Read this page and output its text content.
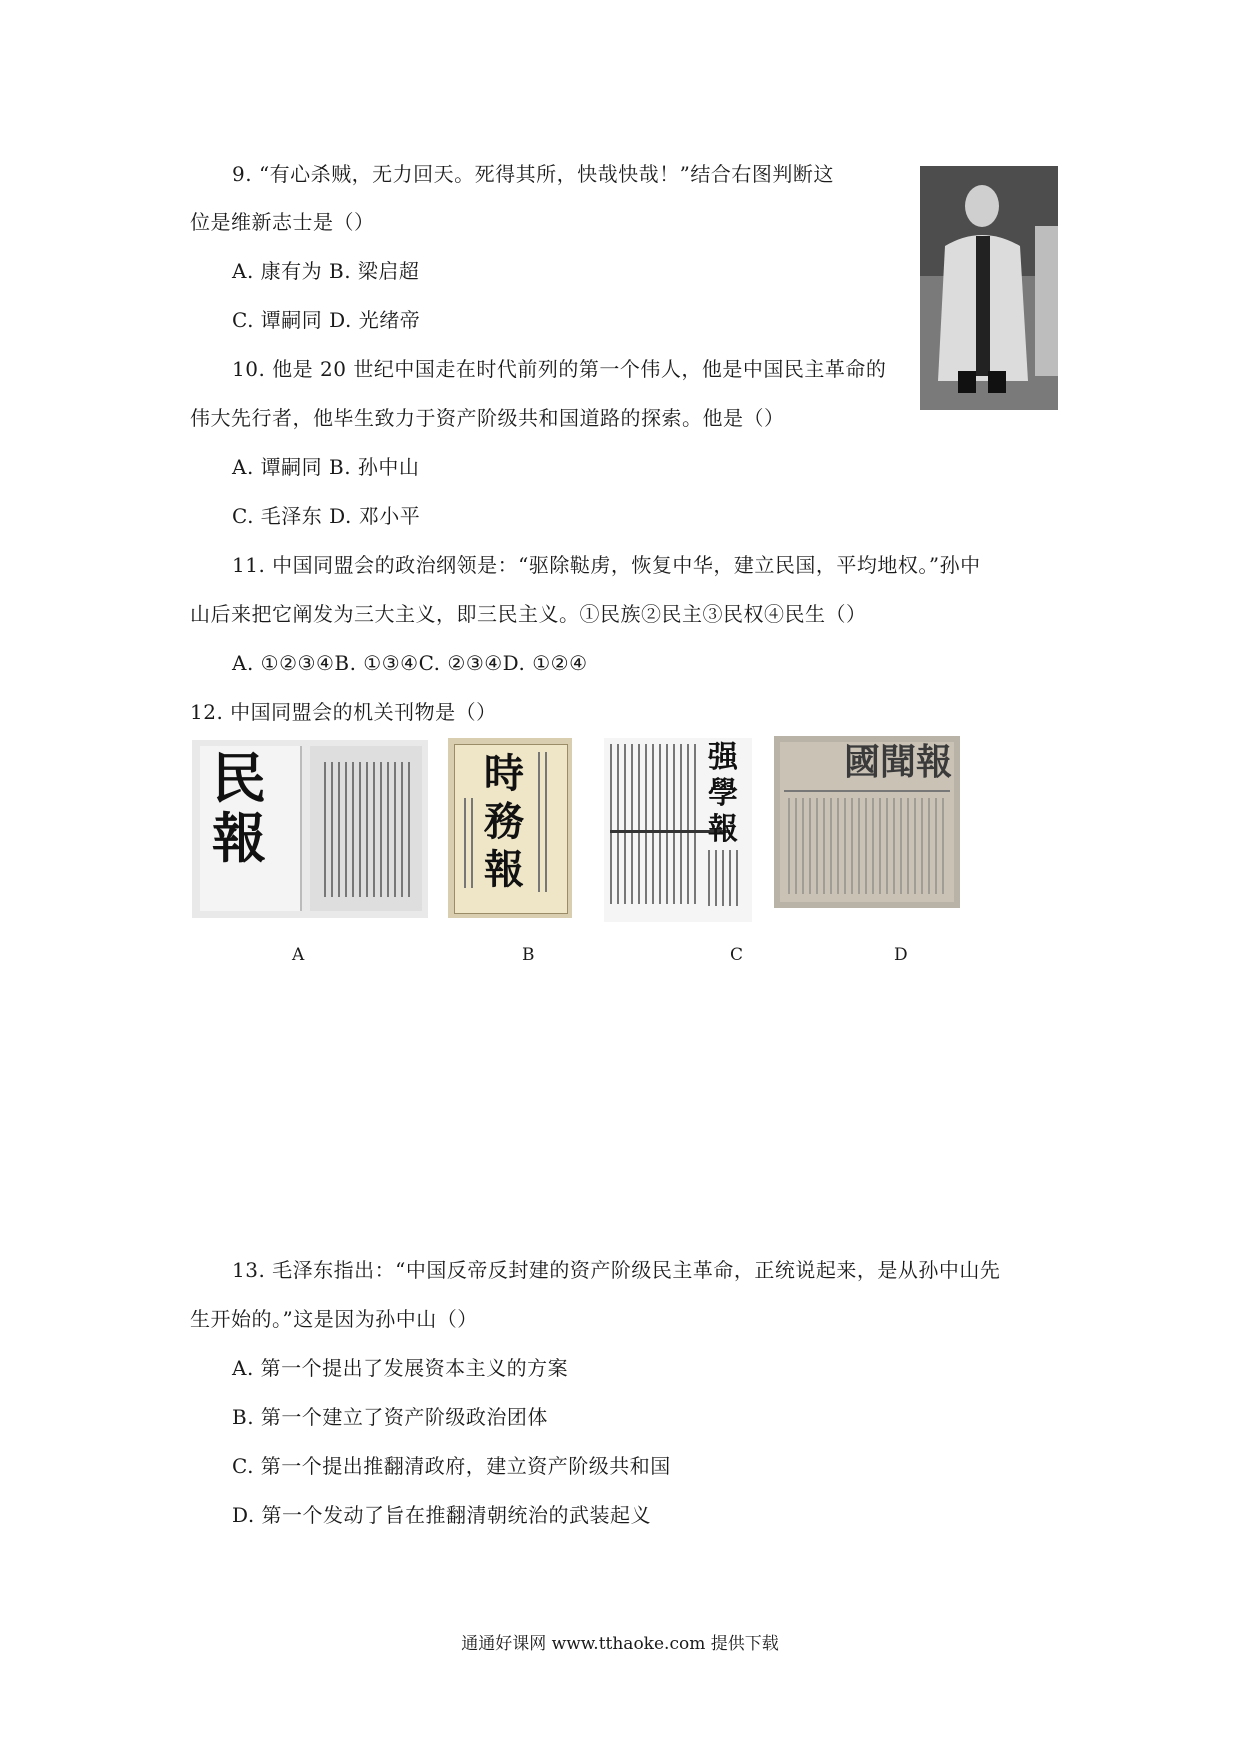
9. “有心杀贼，无力回天。死得其所，快哉快哉！”结合右图判断这
位是维新志士是（）
A. 康有为 B. 梁启超
C. 谭嗣同 D. 光绪帝
10. 他是 20 世纪中国走在时代前列的第一个伟人，他是中国民主革命的
伟大先行者，他毕生致力于资产阶级共和国道路的探索。他是（）
A. 谭嗣同 B. 孙中山
C. 毛泽东 D. 邓小平
11. 中国同盟会的政治纲领是：“驱除鞑虏，恢复中华，建立民国，平均地权。”孙中
山后来把它阐发为三大主义，即三民主义。①民族②民主③民权④民生（）
A. ①②③④B. ①③④C. ②③④D. ①②④
12. 中国同盟会的机关刊物是（）
民
報
A
時
務
報
B
强
學
報
C
國聞報
D
13. 毛泽东指出：“中国反帝反封建的资产阶级民主革命，正统说起来，是从孙中山先
生开始的。”这是因为孙中山（）
A. 第一个提出了发展资本主义的方案
B. 第一个建立了资产阶级政治团体
C. 第一个提出推翻清政府，建立资产阶级共和国
D. 第一个发动了旨在推翻清朝统治的武装起义
通通好课网 www.tthaoke.com 提供下载
